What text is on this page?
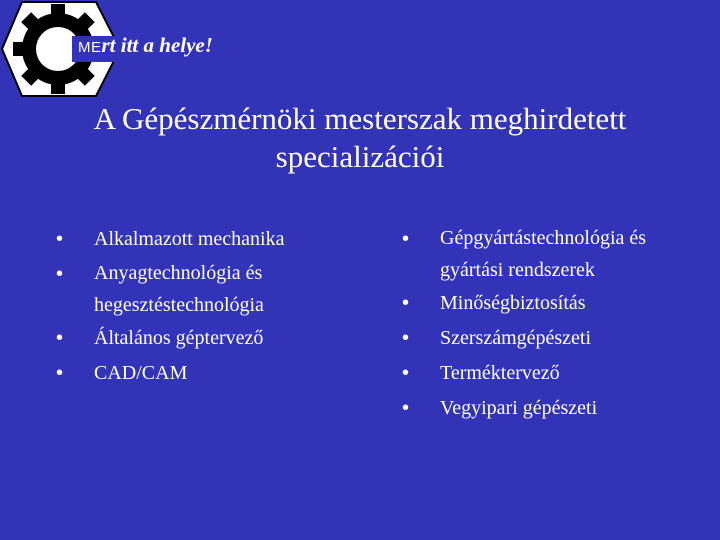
MErt itt a helye!
A Gépészmérnöki mesterszak meghirdetett
specializációi
• Alkalmazott mechanika
• Anyagtechnológia és
hegesztéstechnológia
• Általános géptervező
• CAD/CAM
• Gépgyártástechnológia és
gyártási rendszerek
• Minőségbiztosítás
• Szerszámgépészeti
• Terméktervező
• Vegyipari gépészeti
